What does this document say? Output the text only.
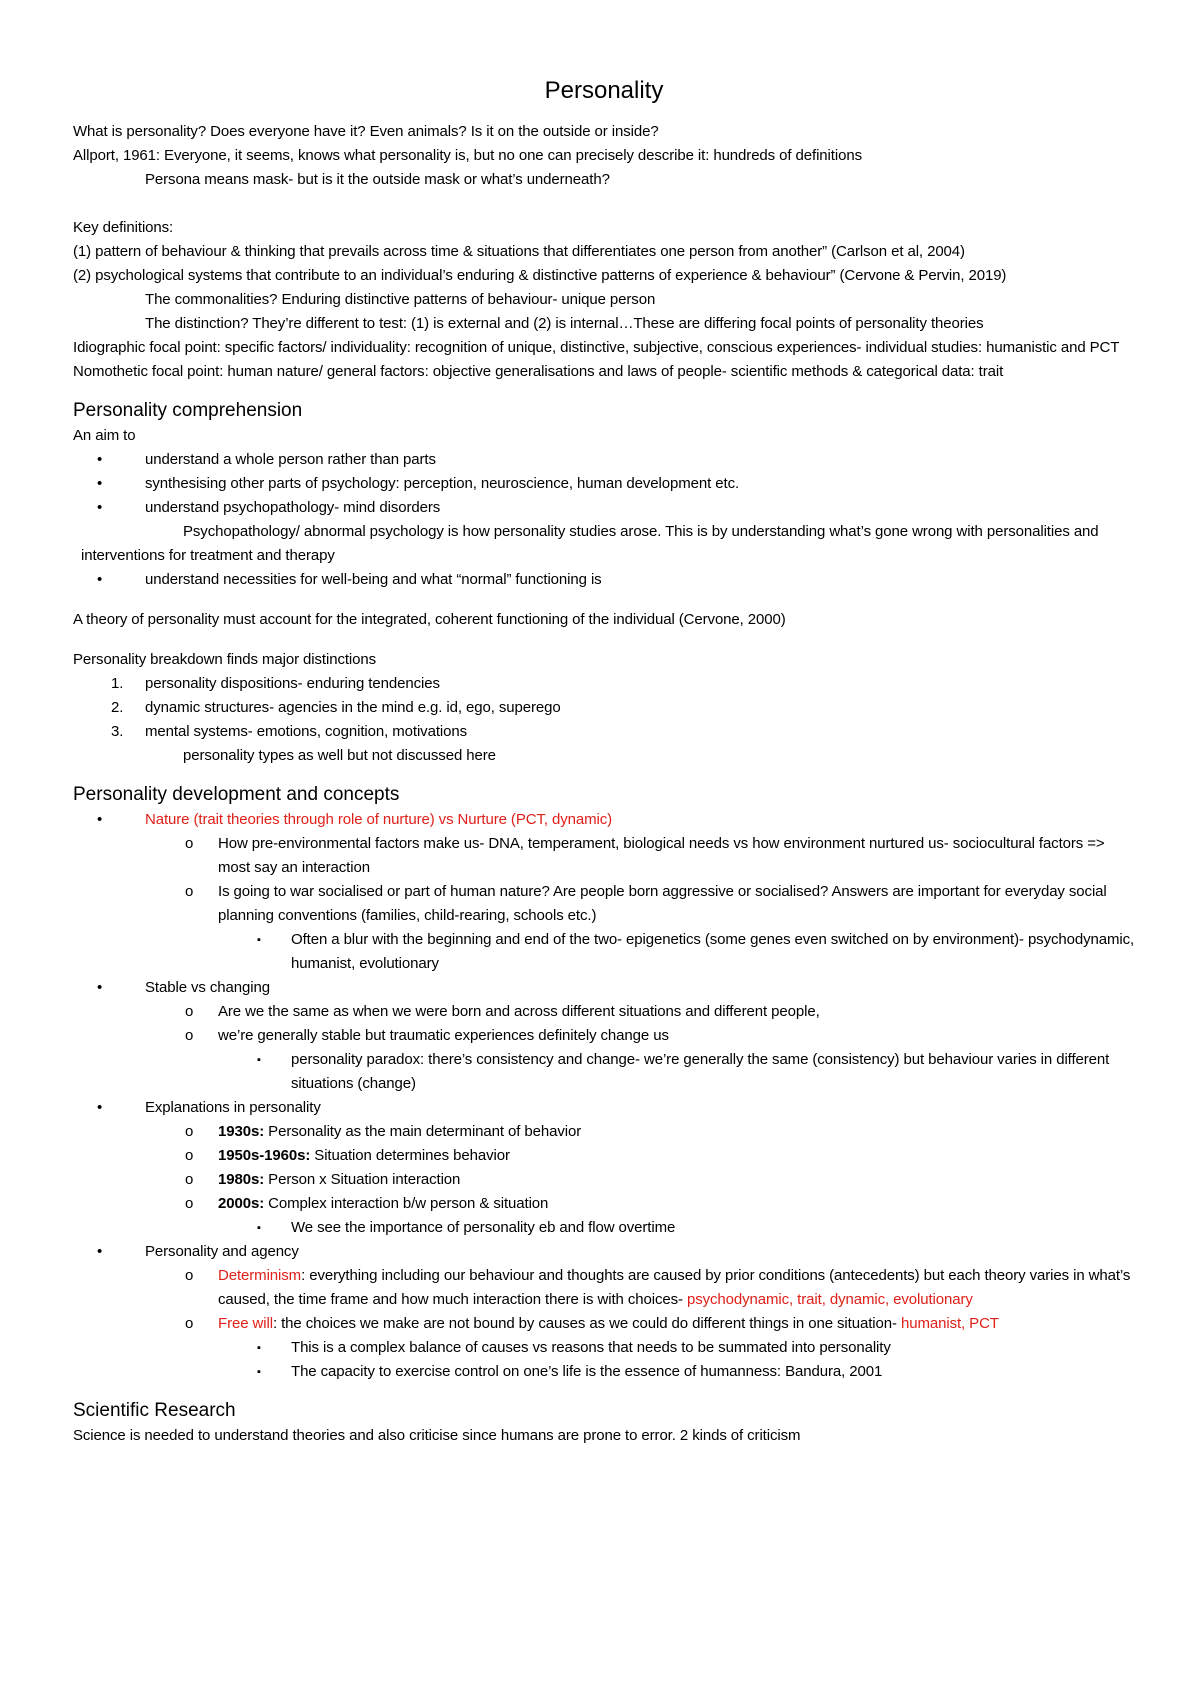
Personality

What is personality? Does everyone have it? Even animals? Is it on the outside or inside?

Allport, 1961: Everyone, it seems, knows what personality is, but no one can precisely describe it: hundreds of definitions

Persona means mask- but is it the outside mask or what’s underneath?

Key definitions:

(1) pattern of behaviour & thinking that prevails across time & situations that differentiates one person from another” (Carlson et al, 2004)

(2) psychological systems that contribute to an individual’s enduring & distinctive patterns of experience & behaviour” (Cervone & Pervin, 2019)

The commonalities? Enduring distinctive patterns of behaviour- unique person

The distinction? They’re different to test: (1) is external and (2) is internal…These are differing focal points of personality theories

Idiographic focal point: specific factors/ individuality: recognition of unique, distinctive, subjective, conscious experiences- individual studies: humanistic and PCT

Nomothetic focal point: human nature/ general factors: objective generalisations and laws of people- scientific methods & categorical data: trait

Personality comprehension

An aim to

•	understand a whole person rather than parts
•	synthesising other parts of psychology: perception, neuroscience, human development etc.
•	understand psychopathology- mind disorders

Psychopathology/ abnormal psychology is how personality studies arose. This is by understanding what’s gone wrong with personalities and interventions for treatment and therapy

•	understand necessities for well-being and what “normal” functioning is

A theory of personality must account for the integrated, coherent functioning of the individual (Cervone, 2000)

Personality breakdown finds major distinctions

1. personality dispositions- enduring tendencies
2. dynamic structures- agencies in the mind e.g. id, ego, superego
3. mental systems- emotions, cognition, motivations

personality types as well but not discussed here

Personality development and concepts
•	Nature (trait theories through role of nurture) vs Nurture (PCT, dynamic)
o How pre-environmental factors make us- DNA, temperament, biological needs vs how environment nurtured us- sociocultural factors => most say an interaction
o Is going to war socialised or part of human nature? Are people born aggressive or socialised? Answers are important for everyday social planning conventions (families, child-rearing, schools etc.)
▪ Often a blur with the beginning and end of the two- epigenetics (some genes even switched on by environment)- psychodynamic, humanist, evolutionary
•	Stable vs changing
o Are we the same as when we were born and across different situations and different people,
o we’re generally stable but traumatic experiences definitely change us
▪ personality paradox: there’s consistency and change- we’re generally the same (consistency) but behaviour varies in different situations (change)
•	Explanations in personality
o 1930s: Personality as the main determinant of behavior
o 1950s-1960s: Situation determines behavior
o 1980s: Person x Situation interaction
o 2000s: Complex interaction b/w person & situation
▪ We see the importance of personality eb and flow overtime
•	Personality and agency
o Determinism: everything including our behaviour and thoughts are caused by prior conditions (antecedents) but each theory varies in what’s caused, the time frame and how much interaction there is with choices- psychodynamic, trait, dynamic, evolutionary
o Free will: the choices we make are not bound by causes as we could do different things in one situation- humanist, PCT
▪ This is a complex balance of causes vs reasons that needs to be summated into personality
▪ The capacity to exercise control on one’s life is the essence of humanness: Bandura, 2001
Scientific Research

Science is needed to understand theories and also criticise since humans are prone to error. 2 kinds of criticism
